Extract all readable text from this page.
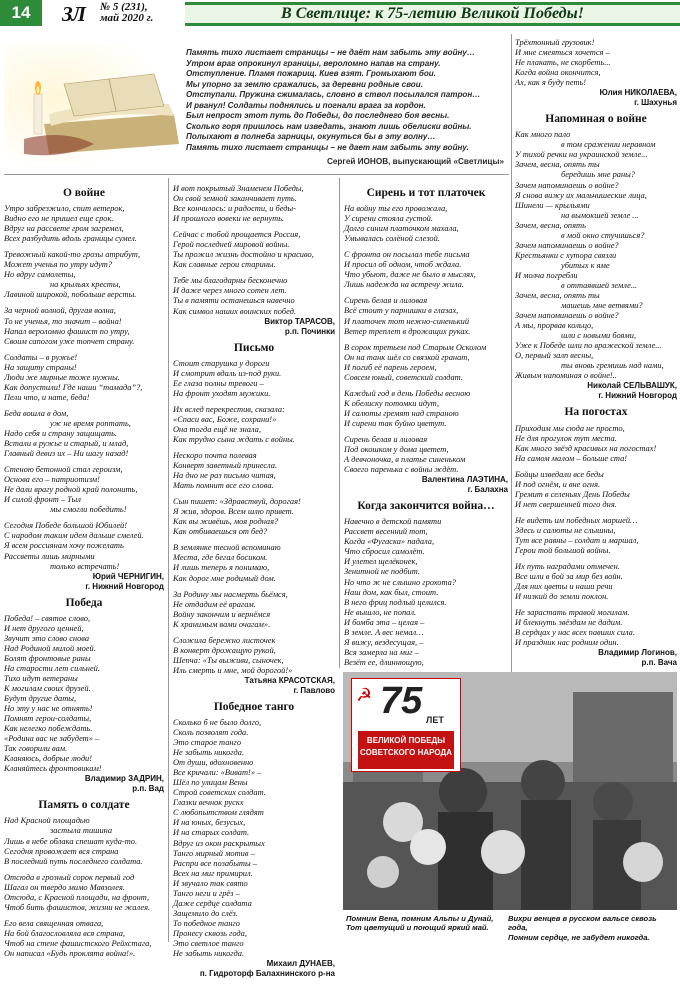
14	ЗЛ № 5 (231),
май 2020 г.	В Светлице: к 75-летию Великой Победы!
Память тихо листает страницы – не даёт нам забыть эту войну…
Утром враг опрокинул границы, вероломно напав на страну.
Отступление. Пламя пожарищ. Киев взят. Громыхают бои.
Мы упорно за землю сражались, за деревни родные свои.
Отступали. Пружина сжималась, словно в ствол посылался патрон…
И рванул! Солдаты поднялись и погнали врага за кордон.
Был непрост этот путь до Победы, до последнего боя весны.
Сколько горя пришлось нам изведать, знают лишь обелиски войны.
Полыхают в полнеба зарницы, окунуться бы в эту волну…
Память тихо листает страницы – не дает нам забыть эту войну.
Сергей ИОНОВ, выпускающий «Светлицы»
О войне
Утро забрезжило, спит ветерок,
Видно его не пришел еще срок.
Вдруг на рассвете гром загремел,
Всех разбудить вдоль границы сумел.
Тревожный какой-то грозы атрибут,
Может ученья по утру идут?
Но вдруг самолеты,
на крыльях кресты,
Лавиной широкой, побольше версты.
За черной волной, другая волна,
То не ученья, то значит – война!
Напал вероломно фашист по утру,
Своим сапогом уже топчет страну.
Солдаты – в ружье!
На защиту страны!
Люди же мирные тоже нужны.
Как допустили! Где наши “тамада”?,
Пели что, и нате, беда!
Беда вошла в дом,
уж не время роптать,
Надо себя и страну защищать.
Встали в ружье и старый, и млад,
Главный девиз их – Ни шагу назад!
Стеною бетонной стал героизм,
Основа его – патриотизм!
Не дали врагу родной край полонить,
И силой фронт – Тыл
мы смогли победить!
Сегодня Победе большой Юбилей!
С народом таким идем дальше смелей.
Я всем россиянам хочу пожелать
Рассветы лишь мирными
только встречать!
Юрий ЧЕРНИГИН,
г. Нижний Новгород
Победа
Победа! – святое слово,
И нет другого ценней,
Звучит это слово снова
Над Родиной милой моей.
Болят фронтовые раны
На старости лет сильней.
Тихо идут ветераны
К могилам своих друзей.
Будут другие даты,
Но эту у нас не отнять!
Помнят герои-солдаты,
Как нелегко побеждать.
«Родина вас не забудет» –
Так говорили вам.
Кланяюсь, добрые люди!
Кланяйтесь фронтовикам!
Владимир ЗАДРИН,
р.п. Вад
Память о солдате
Над Красной площадью
застыла тишина
Лишь в небе облака спешат куда-то.
Сегодня провожает вся страна
В последний путь последнего солдата.
Отсюда в грозный сорок первый год
Шагал он твердо мимо Мавзолея.
Отсюда, с Красной площади, на фронт,
Чтоб бить фашистов, жизни не жалея.
Его вела священная отвага,
На бой благословляла вся страна,
Чтоб на стене фашистского Рейхстага,
Он написал «Будь проклята война!».
И вот покрытый Знаменем Победы,
Он свой земной заканчивает путь.
Все кончилось: и радости, и беды-
И прошлого вовеки не вернуть.
Сейчас с тобой прощается Россия,
Герой последней мировой войны.
Ты прожил жизнь достойно и красиво,
Как славные герои старины.
Тебе мы благодарны бесконечно
И даже через много сотен лет.
Ты в памяти останешься навечно
Как символ наших воинских побед.
Виктор ТАРАСОВ,
р.п. Починки
Письмо
Стоит старушка у дороги
И смотрит вдаль из-под руки.
Ее глаза полны тревоги –
На фронт уходят мужики.
Их вслед перекрестив, сказала:
«Спаси вас, Боже, сохрани!»
Она тогда ещё не знала,
Как трудно сына ждать с войны.
Нескоро почта полевая
Конверт заветный принесла.
На дно не раз письмо читая,
Мать помнит все его слова.
Сын пишет: «Здравствуй, дорогая!
Я жив, здоров. Всем шлю привет.
Как вы живёшь, моя родная?
Как отбиваешься от бед?
В землянке тесной вспоминаю
Места, где бегал босиком.
И лишь теперь я понимаю,
Как дорог мне родимый дом.
За Родину мы насмерть бьёмся,
Не отдадим её врагам.
Войну закончим и вернёмся
К хранимым вами очагам».
Сложила бережно листочек
В конверт дрожащую рукой,
Шепча: «Ты выживи, сыночек,
Иль смерть и мне, мой дорогой!»
Татьяна КРАСОТСКАЯ,
г. Павлово
Победное танго
Сколько б не было долго,
Сколь позволят года.
Это старое танго
Не забыть никогда.
От души, вдохновенно
Все кричали: «Виват!» –
Шёл по улицам Вены
Строй советских солдат.
Глазки вечнок рускх
С любопытством глядят
И на юных, безусых,
И на старых солдат.
Вдруг из окон раскрытых
Танго мирный мотив –
Распри все позабыты –
Всех на миг примирил.
И звучало так свято
Танго неги и грёз –
Даже сердце солдата
Защемило до слёз.
То победное танго
Пронесу сквозь года,
Это светлое танго
Не забыть никогда.
Михаил ДУНАЕВ,
п. Гидроторф Балахнинского р-на
Сирень и тот платочек
На войну ты его провожала,
У сирени стояла густой.
Долго синим платочком махала,
Умывалась солёной слезой.
С фронта он посылал тебе письма
И просил об одном, чтоб ждала.
Что убьют, даже не было в мыслях,
Лишь надежда на встречу жила.
Сирень белая и лиловая
Всё стоит у парнишки в глазах,
И платочек тот нежно-синенький
Ветер треплет в дрожащих руках.
В сорок третьем под Старым Осколом
Он на танк шёл со связкой гранат,
И погиб её парень героем,
Совсем юный, советский солдат.
Каждый год в день Победы весною
К обелиску потомки идут,
И салюты гремят над страною
И сирени так буйно цветут.
Сирень белая и лиловая
Под окошком у дома цветет,
А девчоночка, в платье синеньком
Своего паренька с войны ждёт.
Валентина ЛАЭТИНА,
г. Балахна
Когда закончится война…
Навечно в детской памяти
Рассвет весенний тот,
Когда «Фугаска» падала,
Что сбросил самолёт.
И улетел щелёконек,
Зенитной не подбит.
Но что ж не слышно грохота?
Наш дом, как был, стоит.
В него фриц подлый целился.
Не вышло, не попал.
И бомба эта – целая –
В земле. А вес немал…
Я вижу, вездесущая, –
Вся замерла на миг –
Везёт ее, длиннющую,
Трёхтонный грузовик!
И мне смеяться хочется –
Не плакать, не скорбеть...
Когда война окончится,
Ах, как я буду петь!
Юлия НИКОЛАЕВА,
г. Шахунья
Напоминая о войне
Как много пало
в том сражении неравном
У тихой речки на украинской земле...
Зачем, весна, опять ты
бередишь мне раны?
Зачем напоминаешь о войне?
Я снова вижу их мальчишеские лица,
Шинели — крыльями
на вымокшей земле ...
Зачем, весна, опять
в мой окно стучишься?
Зачем напоминаешь о войне?
Крестьянки с хутора связли
убитых к яме
И молча погребли
в оттаявшей земле...
Зачем, весна, опять ты
машешь мне ветвями?
Зачем напоминаешь о войне?
А мы, прорвав кольцо,
шли с новыми боями,
Уже к Победе шли по вражеской земле...
О, первый залп весны,
ты вновь гремишь над нами,
Живым напоминая о войне!..
Николай СЕЛЬВАШУК,
г. Нижний Новгород
На погостах
Приходим мы сюда не просто,
Не для прогулок тут места.
Как много звёзд красивых на погостах!
На самом малом – больше ста!
Бойцы изведали все беды
И под огнём, и вне огня.
Гремит в селеньях День Победы
И нет свершенней того дня.
Не видеть им победных маршей…
Здесь и салюты не слышны,
Тут все равны – солдат и маршал,
Герои той большой войны.
Их путь наградами отмечен.
Все шли в бой за мир без войн.
Для них цветы и наши речи
И низкий до земли поклон.
Не зарастать травой могилам.
И блекнуть звёздам не дадим.
В сердцах у нас всех павших сила.
И праздник нас родним один.
Владимир Логинов,
р.п. Вача
☭ 75 ЛЕТ
ВЕЛИКОЙ ПОБЕДЫ
СОВЕТСКОГО НАРОДА
Помним Вена, помним Альпы и Дунай,
Тот цветущий и поющий яркий май.
Вихри венцев в русском вальсе сквозь года,
Помним сердце, не забудет никогда.
